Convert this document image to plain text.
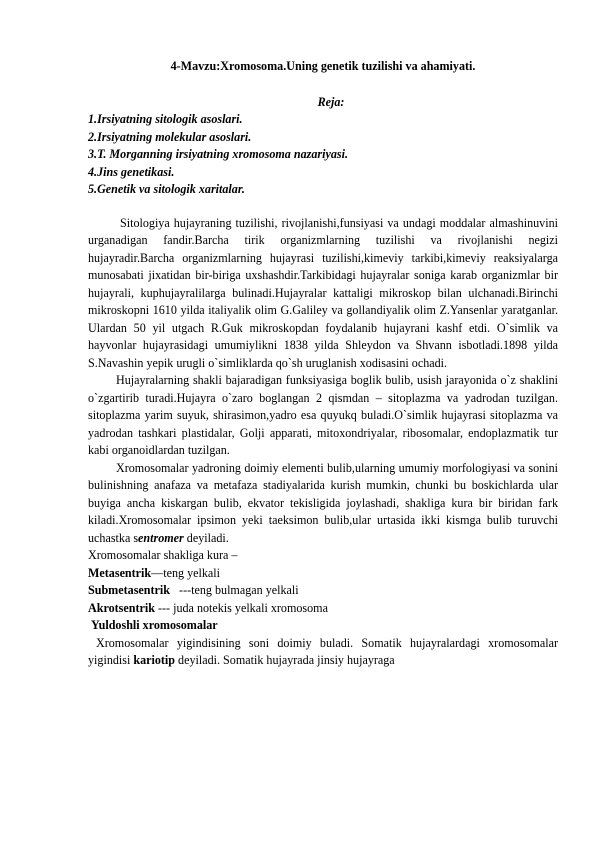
4-Mavzu:Xromosoma.Uning genetik tuzilishi va ahamiyati.

Reja:

1.Irsiyatning sitologik asoslari.
2.Irsiyatning molekular asoslari.
3.T. Morganning irsiyatning xromosoma nazariyasi.
4.Jins genetikasi.
5.Genetik va sitologik xaritalar.

Sitologiya hujayraning tuzilishi, rivojlanishi,funsiyasi va undagi moddalar almashinuvini urganadigan fandir.Barcha tirik organizmlarning tuzilishi va rivojlanishi negizi hujayradir.Barcha organizmlarning hujayrasi tuzilishi,kimeviy tarkibi,kimeviy reaksiyalarga munosabati jixatidan bir-biriga uxshashdir.Tarkibidagi hujayralar soniga karab organizmlar bir hujayrali, kuphujayralilarga bulinadi.Hujayralar kattaligi mikroskop bilan ulchanadi.Birinchi mikroskopni 1610 yilda italiyalik olim G.Galiley va gollandiyalik olim Z.Yansenlar yaratganlar. Ulardan 50 yil utgach R.Guk mikroskopdan foydalanib hujayrani kashf etdi. O`simlik va hayvonlar hujayrasidagi umumiylikni 1838 yilda Shleydon va Shvann isbotladi.1898 yilda S.Navashin yepik urugli o`simliklarda qo`sh uruglanish xodisasini ochadi.

Hujayralarning shakli bajaradigan funksiyasiga boglik bulib, usish jarayonida o`z shaklini o`zgartirib turadi.Hujayra o`zaro boglangan 2 qismdan – sitoplazma va yadrodan tuzilgan. sitoplazma yarim suyuk, shirasimon,yadro esa quyukq buladi.O`simlik hujayrasi sitoplazma va yadrodan tashkari plastidalar, Golji apparati, mitoxondriyalar, ribosomalar, endoplazmatik tur kabi organoidlardan tuzilgan.

Xromosomalar yadroning doimiy elementi bulib,ularning umumiy morfologiyasi va sonini bulinishning anafaza va metafaza stadiyalarida kurish mumkin, chunki bu boskichlarda ular buyiga ancha kiskargan bulib, ekvator tekisligida joylashadi, shakliga kura bir biridan fark kiladi.Xromosomalar ipsimon yeki taeksimon bulib,ular urtasida ikki kismga bulib turuvchi uchastka sentromer deyiladi.

Xromosomalar shakliga kura –

Metasentrik—teng yelkali

Submetasentrik   ---teng bulmagan yelkali

Akrotsentrik --- juda notekis yelkali xromosoma

Yuldoshli xromosomalar

Xromosomalar yigindisining soni doimiy buladi. Somatik hujayralardagi xromosomalar yigindisi kariotip deyiladi. Somatik hujayrada jinsiy hujayraga
